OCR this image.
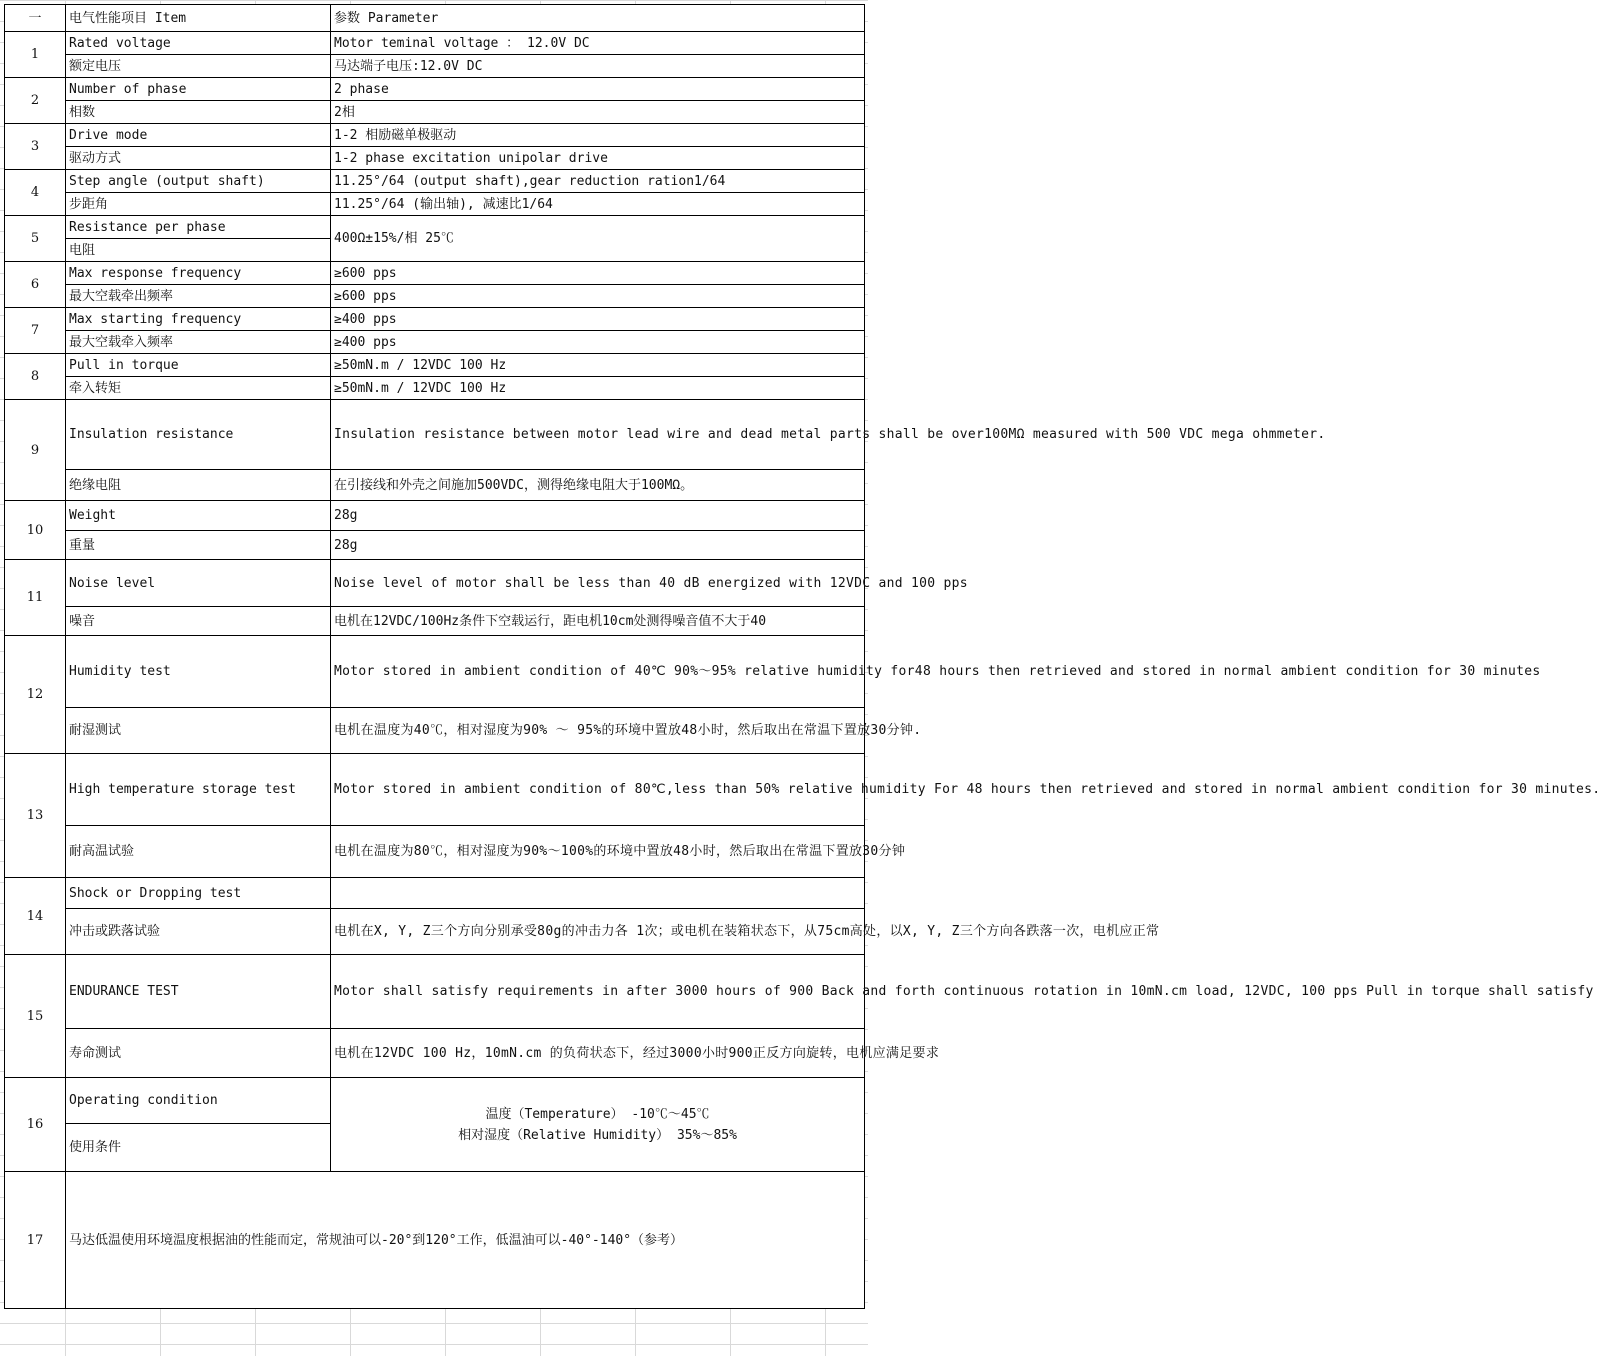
一	电气性能项目 Item	参数 Parameter
1	Rated voltage	Motor teminal voltage ： 12.0V DC
	额定电压	马达端子电压:12.0V DC
2	Number of phase	2 phase
	相数	2相
3	Drive mode	1-2 相励磁单极驱动
	驱动方式	1-2 phase excitation unipolar drive
4	Step angle (output shaft)	11.25°/64 (output shaft),gear reduction ration1/64
	步距角	11.25°/64 (输出轴), 减速比1/64
5	Resistance per phase	400Ω±15%/相 25℃
	电阻	
6	Max response frequency	≥600 pps
	最大空载牵出频率	≥600 pps
7	Max starting frequency	≥400 pps
	最大空载牵入频率	≥400 pps
8	Pull in torque	≥50mN.m / 12VDC 100 Hz
	牵入转矩	≥50mN.m / 12VDC 100 Hz
9	Insulation resistance	Insulation resistance between motor lead wire and dead metal parts shall be over100MΩ measured with 500 VDC mega ohmmeter.
	绝缘电阻	在引接线和外壳之间施加500VDC，测得绝缘电阻大于100MΩ。
10	Weight	28g
	重量	28g
11	Noise level	Noise level of motor shall be less than 40 dB energized with 12VDC and 100 pps
	噪音	电机在12VDC/100Hz条件下空载运行，距电机10cm处测得噪音值不大于40
12	Humidity test	Motor stored in ambient condition of 40℃ 90%～95% relative humidity for48 hours then retrieved and stored in normal ambient condition for 30 minutes
	耐湿测试	电机在温度为40℃，相对湿度为90% ～ 95%的环境中置放48小时，然后取出在常温下置放30分钟.
13	High temperature storage test	Motor stored in ambient condition of 80℃,less than 50% relative humidity For 48 hours then retrieved and stored in normal ambient condition for 30 minutes.
	耐高温试验	电机在温度为80℃，相对湿度为90%～100%的环境中置放48小时，然后取出在常温下置放30分钟
14	Shock or Dropping test	
	冲击或跌落试验	电机在X, Y, Z三个方向分别承受80g的冲击力各 1次；或电机在装箱状态下，从75cm高处，以X, Y, Z三个方向各跌落一次，电机应正常
15	ENDURANCE TEST	Motor shall satisfy requirements in after 3000 hours of 900 Back and forth continuous rotation in 10mN.cm load, 12VDC, 100 pps Pull in torque shall satisfy
	寿命测试	电机在12VDC 100 Hz，10mN.cm 的负荷状态下，经过3000小时900正反方向旋转，电机应满足要求
16	Operating condition	温度（Temperature） -10℃～45℃
相对湿度（Relative Humidity） 35%～85%

	使用条件	
17	马达低温使用环境温度根据油的性能而定，常规油可以-20°到120°工作，低温油可以-40°-140°（参考）	
